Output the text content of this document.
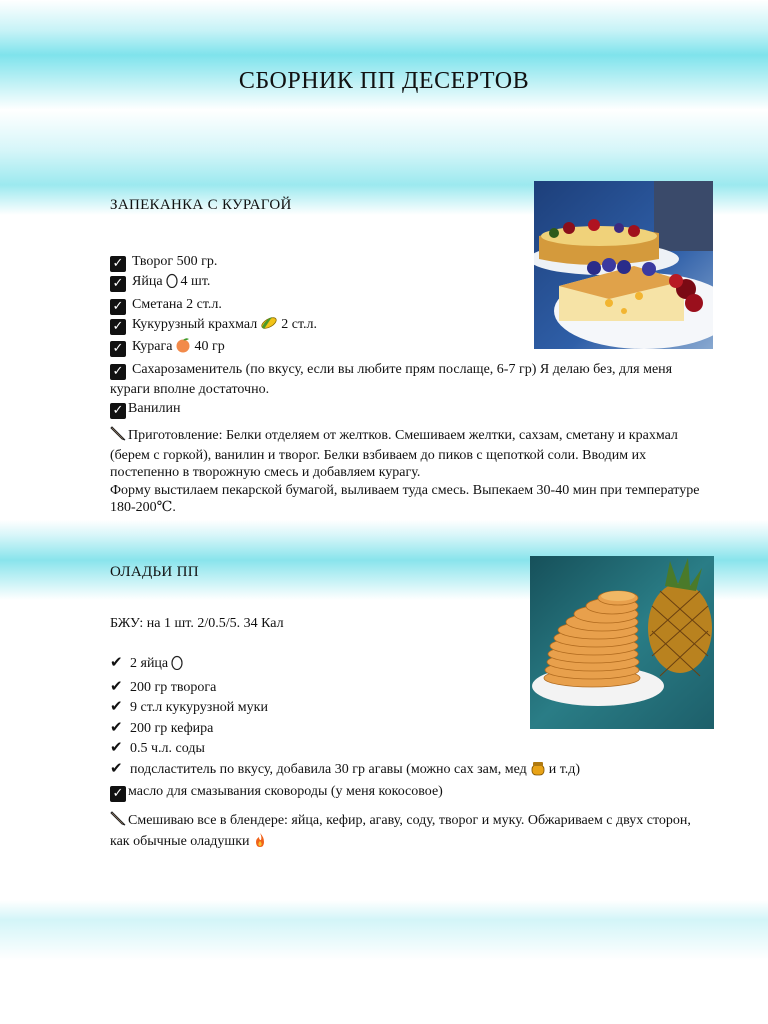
СБОРНИК ПП ДЕСЕРТОВ
ЗАПЕКАНКА С КУРАГОЙ
✓ Творог 500 гр.
✓ Яйца 4 шт.
✓ Сметана 2 ст.л.
✓ Кукурузный крахмал 2 ст.л.
✓ Курага 40 гр
✓ Сахарозаменитель (по вкусу, если вы любите прям послаще, 6-7 гр) Я делаю без, для меня кураги вполне достаточно.
✓ Ванилин

Приготовление: Белки отделяем от желтков. Смешиваем желтки, сахзам, сметану и крахмал (берем с горкой), ванилин и творог. Белки взбиваем до пиков с щепоткой соли. Вводим их постепенно в творожную смесь и добавляем курагу.
Форму выстилаем пекарской бумагой, выливаем туда смесь. Выпекаем 30-40 мин при температуре 180-200℃.

ОЛАДЬИ ПП
БЖУ: на 1 шт. 2/0.5/5. 34 Кал
✔ 2 яйца
✔ 200 гр творога
✔ 9 ст.л кукурузной муки
✔ 200 гр кефира
✔ 0.5 ч.л. соды
✔ подсластитель по вкусу, добавила 30 гр агавы (можно сах зам, мед и т.д)
✓ масло для смазывания сковороды (у меня кокосовое)

Смешиваю все в блендере: яйца, кефир, агаву, соду, творог и муку. Обжариваем с двух сторон, как обычные оладушки
